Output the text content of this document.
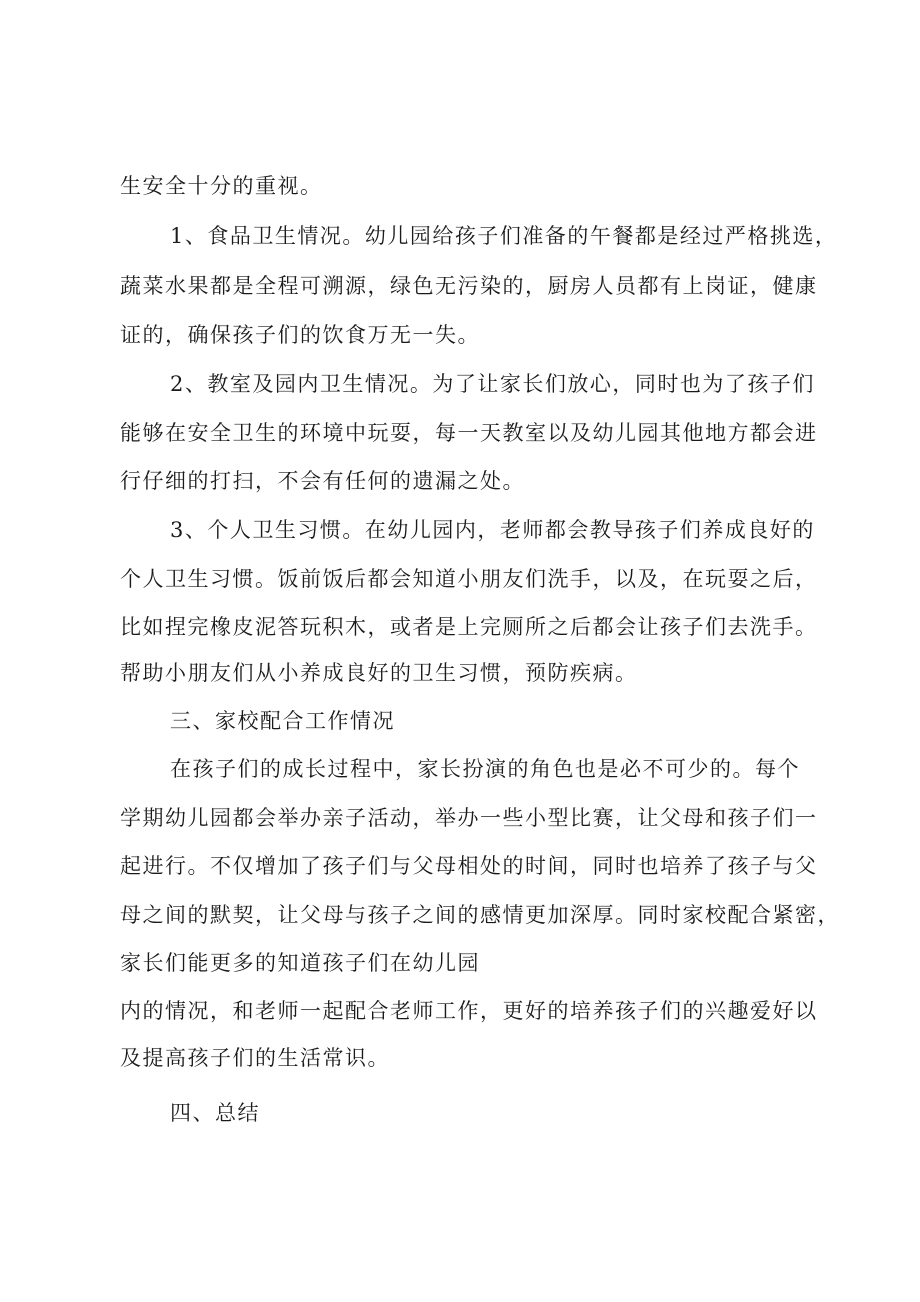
生安全十分的重视。
1、食品卫生情况。幼儿园给孩子们准备的午餐都是经过严格挑选，
蔬菜水果都是全程可溯源，绿色无污染的，厨房人员都有上岗证，健康
证的，确保孩子们的饮食万无一失。
2、教室及园内卫生情况。为了让家长们放心，同时也为了孩子们
能够在安全卫生的环境中玩耍，每一天教室以及幼儿园其他地方都会进
行仔细的打扫，不会有任何的遗漏之处。
3、个人卫生习惯。在幼儿园内，老师都会教导孩子们养成良好的
个人卫生习惯。饭前饭后都会知道小朋友们洗手，以及，在玩耍之后，
比如捏完橡皮泥答玩积木，或者是上完厕所之后都会让孩子们去洗手。
帮助小朋友们从小养成良好的卫生习惯，预防疾病。
三、家校配合工作情况
在孩子们的成长过程中，家长扮演的角色也是必不可少的。每个
学期幼儿园都会举办亲子活动，举办一些小型比赛，让父母和孩子们一
起进行。不仅增加了孩子们与父母相处的时间，同时也培养了孩子与父
母之间的默契，让父母与孩子之间的感情更加深厚。同时家校配合紧密，
家长们能更多的知道孩子们在幼儿园
内的情况，和老师一起配合老师工作，更好的培养孩子们的兴趣爱好以
及提高孩子们的生活常识。
四、总结
